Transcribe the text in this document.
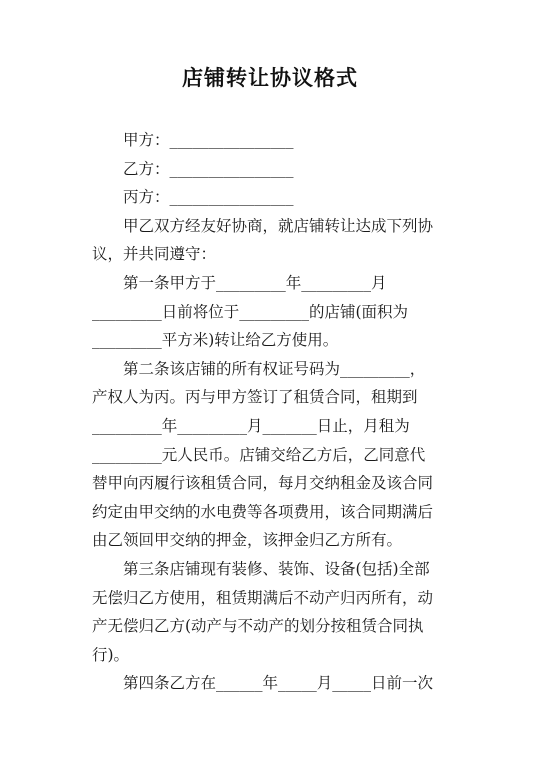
店铺转让协议格式
甲方：________________
乙方：________________
丙方：________________
甲乙双方经友好协商，就店铺转让达成下列协
议，并共同遵守：
第一条甲方于_________年_________月
_________日前将位于_________的店铺(面积为
_________平方米)转让给乙方使用。
第二条该店铺的所有权证号码为_________，
产权人为丙。丙与甲方签订了租赁合同，租期到
_________年_________月_______日止，月租为
_________元人民币。店铺交给乙方后，乙同意代
替甲向丙履行该租赁合同，每月交纳租金及该合同
约定由甲交纳的水电费等各项费用，该合同期满后
由乙领回甲交纳的押金，该押金归乙方所有。
第三条店铺现有装修、装饰、设备(包括)全部
无偿归乙方使用，租赁期满后不动产归丙所有，动
产无偿归乙方(动产与不动产的划分按租赁合同执
行)。
第四条乙方在______年_____月_____日前一次
